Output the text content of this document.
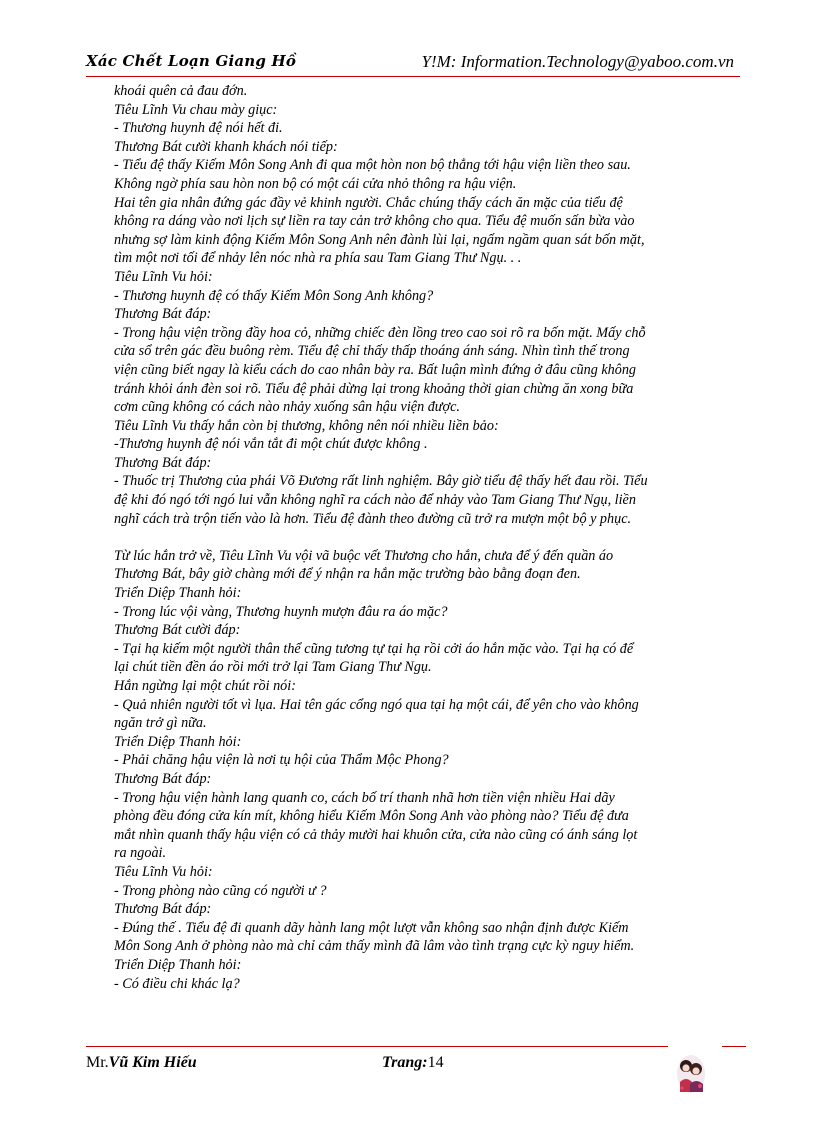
Xác Chết Loạn Giang Hồ	Y!M: Information.Technology@yaboo.com.vn
khoái quên cả đau đớn.
Tiêu Lĩnh Vu chau mày giục:
- Thương huynh đệ nói hết đi.
Thương Bát cười khanh khách nói tiếp:
- Tiểu đệ thấy Kiếm Môn Song Anh đi qua một hòn non bộ thẳng tới hậu viện liền theo sau.
Không ngờ phía sau hòn non bộ có một cái cửa nhỏ thông ra hậu viện.
Hai tên gia nhân đứng gác đầy vẻ khinh người. Chắc chúng thấy cách ăn mặc của tiểu đệ
không ra dáng vào nơi lịch sự liền ra tay cản trở không cho qua. Tiểu đệ muốn sấn bừa vào
nhưng sợ làm kinh động Kiếm Môn Song Anh nên đành lùi lại, ngấm ngầm quan sát bốn mặt,
tìm một nơi tối để nhảy lên nóc nhà ra phía sau Tam Giang Thư Ngụ. . .
Tiêu Lĩnh Vu hỏi:
- Thương huynh đệ có thấy Kiếm Môn Song Anh không?
Thương Bát đáp:
- Trong hậu viện trồng đầy hoa cỏ, những chiếc đèn lồng treo cao soi rõ ra bốn mặt. Mấy chỗ
cửa sổ trên gác đều buông rèm. Tiểu đệ chỉ thấy thấp thoáng ánh sáng. Nhìn tình thế trong
viện cũng biết ngay là kiểu cách do cao nhân bày ra. Bất luận mình đứng ở đâu cũng không
tránh khỏi ánh đèn soi rõ. Tiểu đệ phải dừng lại trong khoảng thời gian chừng ăn xong bữa
cơm cũng không có cách nào nhảy xuống sân hậu viện được.
Tiêu Lĩnh Vu thấy hắn còn bị thương, không nên nói nhiều liền bảo:
-Thương huynh đệ nói vắn tắt đi một chút được không .
Thương Bát đáp:
- Thuốc trị Thương của phái Võ Đương rất linh nghiệm. Bây giờ tiểu đệ thấy hết đau rồi. Tiểu
đệ khi đó ngó tới ngó lui vẫn không nghĩ ra cách nào để nhảy vào Tam Giang Thư Ngụ, liền
nghĩ cách trà trộn tiến vào là hơn. Tiểu đệ đành theo đường cũ trở ra mượn một bộ y phục.
Từ lúc hắn trở về, Tiêu Lĩnh Vu vội vã buộc vết Thương cho hắn, chưa để ý đến quần áo
Thương Bát, bây giờ chàng mới để ý nhận ra hắn mặc trường bào bằng đoạn đen.
Triển Diệp Thanh hỏi:
- Trong lúc vội vàng, Thương huynh mượn đâu ra áo mặc?
Thương Bát cười đáp:
- Tại hạ kiếm một người thân thể cũng tương tự tại hạ rồi cởi áo hắn mặc vào. Tại hạ có để
lại chút tiền đền áo rồi mới trở lại Tam Giang Thư Ngụ.
Hắn ngừng lại một chút rồi nói:
- Quả nhiên người tốt vì lụa. Hai tên gác cổng ngó qua tại hạ một cái, để yên cho vào không
ngăn trở gì nữa.
Triển Diệp Thanh hỏi:
- Phải chăng hậu viện là nơi tụ hội của Thẩm Mộc Phong?
Thương Bát đáp:
- Trong hậu viện hành lang quanh co, cách bố trí thanh nhã hơn tiền viện nhiều Hai dãy
phòng đều đóng cửa kín mít, không hiểu Kiếm Môn Song Anh vào phòng nào? Tiểu đệ đưa
mắt nhìn quanh thấy hậu viện có cả thảy mười hai khuôn cửa, cửa nào cũng có ánh sáng lọt
ra ngoài.
Tiêu Lĩnh Vu hỏi:
- Trong phòng nào cũng có người ư ?
Thương Bát đáp:
- Đúng thế . Tiểu đệ đi quanh dãy hành lang một lượt vẫn không sao nhận định được Kiếm
Môn Song Anh ở phòng nào mà chỉ cảm thấy mình đã lâm vào tình trạng cực kỳ nguy hiểm.
Triển Diệp Thanh hỏi:
- Có điều chi khác lạ?
Mr.Vũ Kim Hiếu	Trang:14
